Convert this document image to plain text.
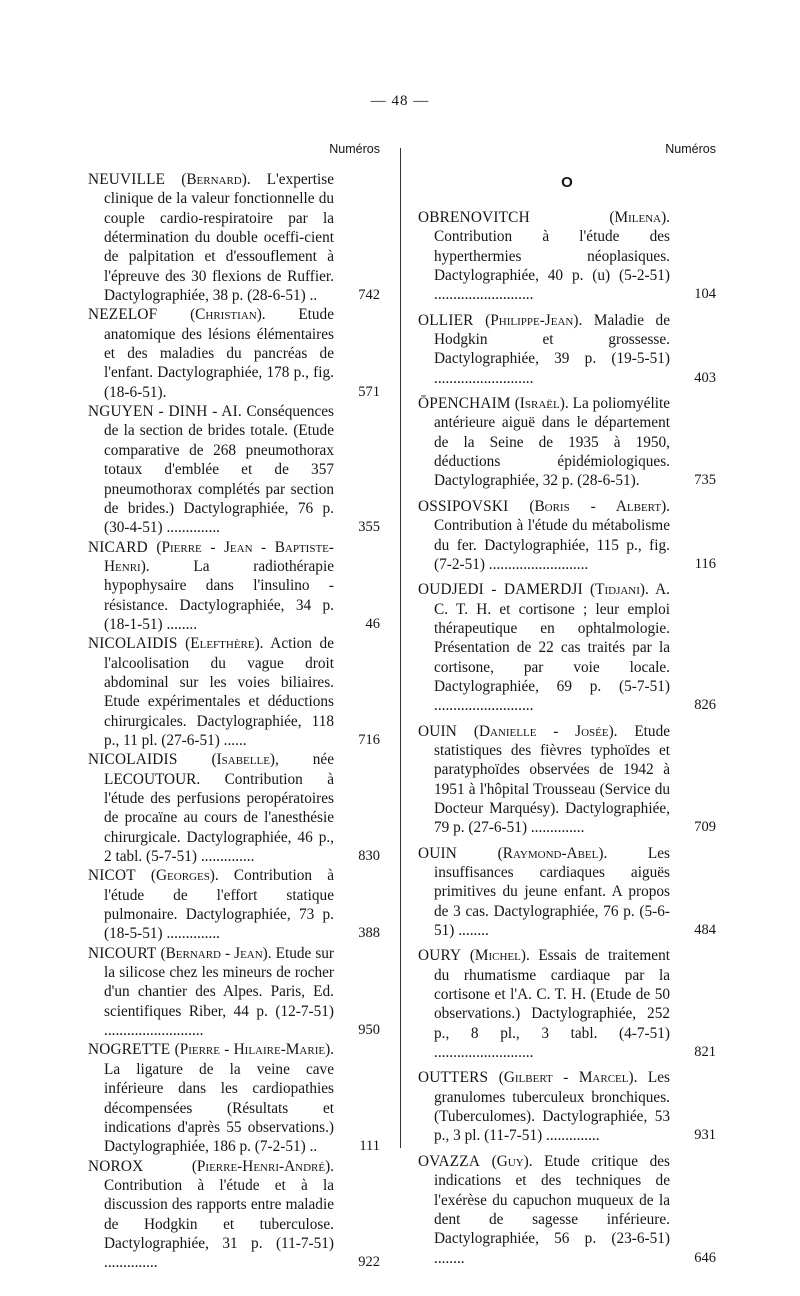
— 48 —
Numéros
NEUVILLE (Bernard). L'expertise clinique de la valeur fonctionnelle du couple cardio-respiratoire par la détermination du double oceffi-cient de palpitation et d'essouflement à l'épreuve des 30 flexions de Ruffier. Dactylographiée, 38 p. (28-6-51) ..	742
NEZELOF (Christian). Etude anatomique des lésions élémentaires et des maladies du pancréas de l'enfant. Dactylographiée, 178 p., fig. (18-6-51).	571
NGUYEN - DINH - AI. Conséquences de la section de brides totale. (Etude comparative de 268 pneumothorax totaux d'emblée et de 357 pneumothorax complétés par section de brides.) Dactylographiée, 76 p. (30-4-51) ..............	355
NICARD (Pierre - Jean - Baptiste-Henri).	La radiothérapie hypophysaire dans l'insulino - résistance. Dactylographiée, 34 p. (18-1-51) ........	46
NICOLAIDIS (Elefthère). Action de l'alcoolisation du vague droit abdominal sur les voies biliaires. Etude expérimentales et déductions chirurgicales. Dactylographiée, 118 p., 11 pl. (27-6-51) ......	716
NICOLAIDIS (Isabelle), née LECOUTOUR. Contribution à l'étude des perfusions peropératoires de procaïne au cours de l'anesthésie chirurgicale. Dactylographiée, 46 p., 2 tabl. (5-7-51) ..............	830
NICOT (Georges). Contribution à l'étude de l'effort statique pulmonaire. Dactylographiée, 73 p. (18-5-51) ..............	388
NICOURT (Bernard - Jean). Etude sur la silicose chez les mineurs de rocher d'un chantier des Alpes. Paris, Ed. scientifiques Riber, 44 p. (12-7-51) ..........................	950
NOGRETTE (Pierre - Hilaire-Marie). La ligature de la veine cave inférieure dans les cardiopathies décompensées (Résultats et indications d'après 55 observations.) Dactylographiée, 186 p. (7-2-51) ..	111
NOROX	(Pierre-Henri-André). Contribution à l'étude et à la discussion des rapports entre maladie de Hodgkin et tuberculose. Dactylographiée, 31 p. (11-7-51) ..............	922
Numéros
O
OBRENOVITCH	(Milena). Contribution à l'étude des hyperthermies néoplasiques. Dactylographiée, 40 p. (u) (5-2-51) ..........................	104
OLLIER (Philippe-Jean). Maladie de Hodgkin et grossesse. Dactylographiée, 39 p. (19-5-51) ..........................	403
ŌPENCHAIM (Israël). La poliomyélite antérieure aiguë dans le département de la Seine de 1935 à 1950, déductions épidémiologiques. Dactylographiée, 32 p. (28-6-51).	735
OSSIPOVSKI (Boris - Albert). Contribution à l'étude du métabolisme du fer. Dactylographiée, 115 p., fig. (7-2-51) ..........................	116
OUDJEDI - DAMERDJI (Tidjani). A. C. T. H. et cortisone ; leur emploi thérapeutique en ophtalmologie. Présentation de 22 cas traités par la cortisone, par voie locale. Dactylographiée, 69 p. (5-7-51) ..........................	826
OUIN (Danielle - Josée). Etude statistiques des fièvres typhoïdes et paratyphoïdes observées de 1942 à 1951 à l'hôpital Trousseau (Service du Docteur Marquésy). Dactylographiée, 79 p. (27-6-51) ..............	709
OUIN	(Raymond-Abel).	Les insuffisances cardiaques aiguës primitives du jeune enfant. A propos de 3 cas. Dactylographiée, 76 p. (5-6-51) ........	484
OURY (Michel). Essais de traitement du rhumatisme cardiaque par la cortisone et l'A. C. T. H. (Etude de 50 observations.) Dactylographiée, 252 p., 8 pl., 3 tabl. (4-7-51) ..........................	821
OUTTERS (Gilbert - Marcel). Les granulomes tuberculeux bronchiques. (Tuberculomes). Dactylographiée, 53 p., 3 pl. (11-7-51) ..............	931
OVAZZA (Guy). Etude critique des indications et des techniques de l'exérèse du capuchon muqueux de la dent de sagesse inférieure. Dactylographiée, 56 p. (23-6-51) ........	646
